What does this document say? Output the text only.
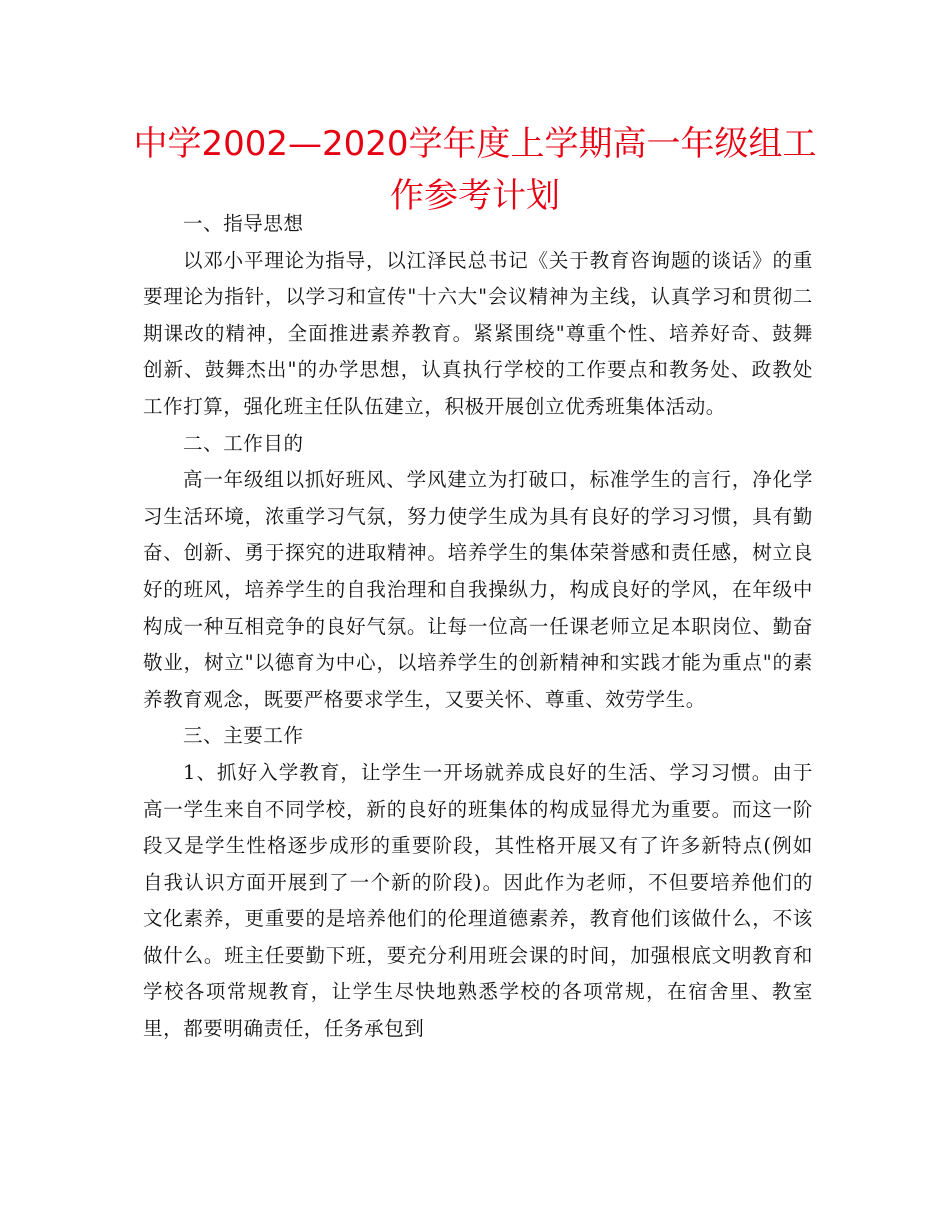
中学2002—2020学年度上学期高一年级组工作参考计划

一、指导思想

以邓小平理论为指导，以江泽民总书记《关于教育咨询题的谈话》的重要理论为指针，以学习和宣传"十六大"会议精神为主线，认真学习和贯彻二期课改的精神，全面推进素养教育。紧紧围绕"尊重个性、培养好奇、鼓舞创新、鼓舞杰出"的办学思想，认真执行学校的工作要点和教务处、政教处工作打算，强化班主任队伍建立，积极开展创立优秀班集体活动。

二、工作目的

高一年级组以抓好班风、学风建立为打破口，标准学生的言行，净化学习生活环境，浓重学习气氛，努力使学生成为具有良好的学习习惯，具有勤奋、创新、勇于探究的进取精神。培养学生的集体荣誉感和责任感，树立良好的班风，培养学生的自我治理和自我操纵力，构成良好的学风，在年级中构成一种互相竞争的良好气氛。让每一位高一任课老师立足本职岗位、勤奋敬业，树立"以德育为中心，以培养学生的创新精神和实践才能为重点"的素养教育观念，既要严格要求学生，又要关怀、尊重、效劳学生。

三、主要工作

1、抓好入学教育，让学生一开场就养成良好的生活、学习习惯。由于高一学生来自不同学校，新的良好的班集体的构成显得尤为重要。而这一阶段又是学生性格逐步成形的重要阶段，其性格开展又有了许多新特点(例如自我认识方面开展到了一个新的阶段)。因此作为老师，不但要培养他们的文化素养，更重要的是培养他们的伦理道德素养，教育他们该做什么，不该做什么。班主任要勤下班，要充分利用班会课的时间，加强根底文明教育和学校各项常规教育，让学生尽快地熟悉学校的各项常规，在宿舍里、教室里，都要明确责任，任务承包到
